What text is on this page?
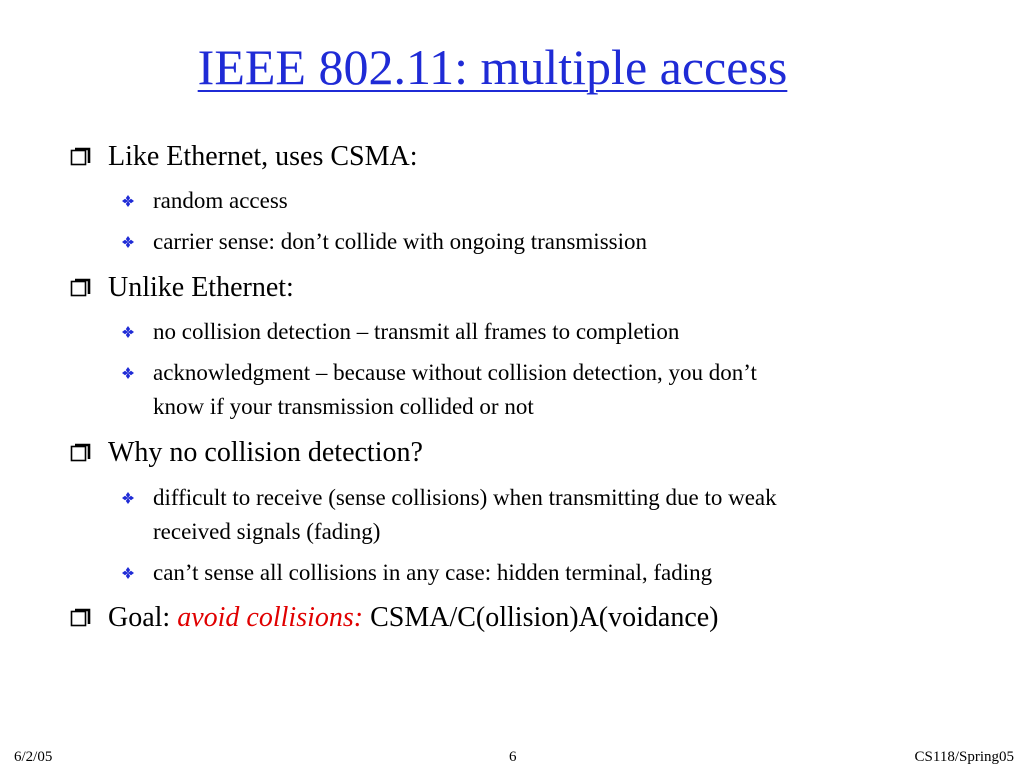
IEEE 802.11: multiple access
Like Ethernet, uses CSMA:
random access
carrier sense: don’t collide with ongoing transmission
Unlike Ethernet:
no collision detection – transmit all frames to completion
acknowledgment – because without collision detection, you don’t
know if your transmission collided or not
Why no collision detection?
difficult to receive (sense collisions) when transmitting due to weak
received signals (fading)
can’t sense all collisions in any case: hidden terminal, fading
Goal: avoid collisions: CSMA/C(ollision)A(voidance)
6/2/05	6	CS118/Spring05
